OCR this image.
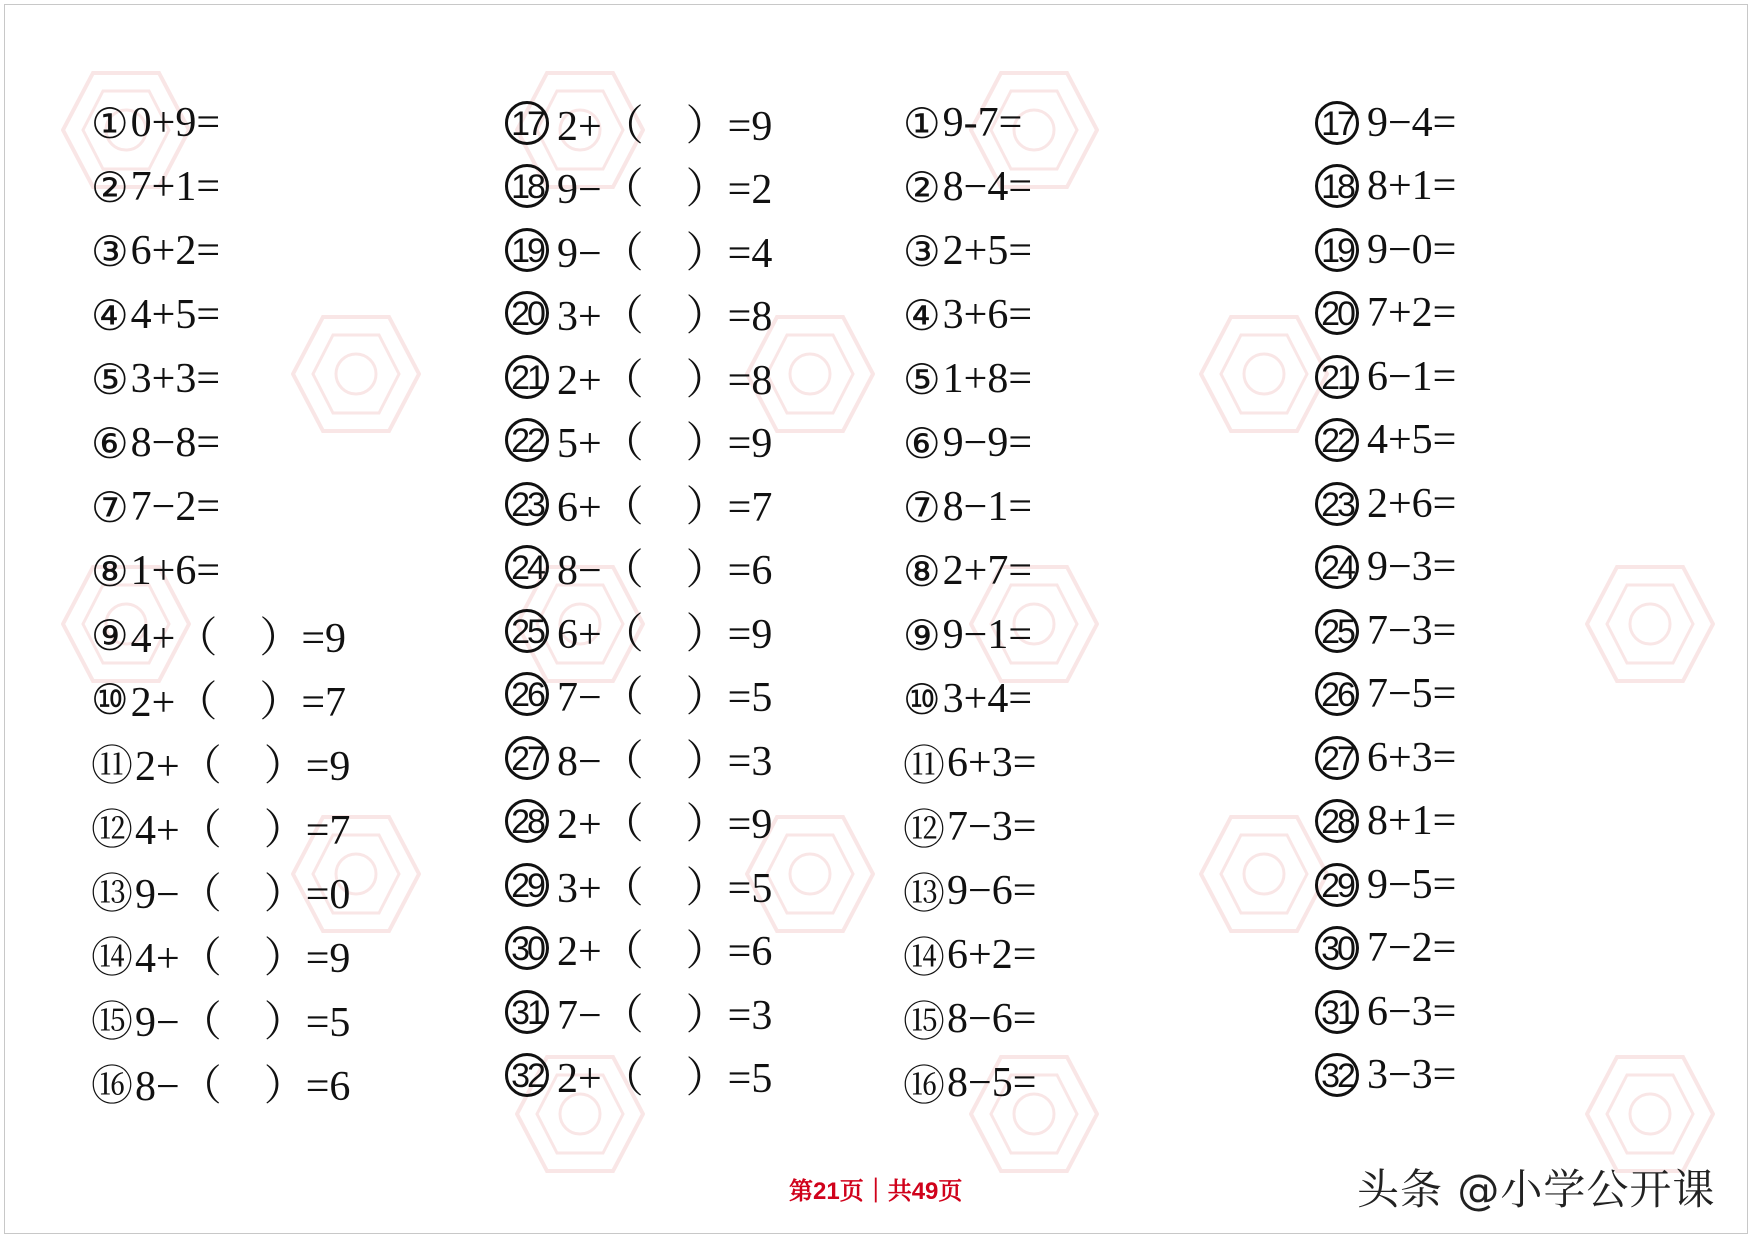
① 0+9=
② 7+1=
③ 6+2=
④ 4+5=
⑤ 3+3=
⑥ 8−8=
⑦ 7−2=
⑧ 1+6=
⑨ 4+（    ）=9
⑩ 2+（    ）=7
⑪ 2+（    ）=9
⑫ 4+（    ）=7
⑬ 9−（    ）=0
⑭ 4+（    ）=9
⑮ 9−（    ）=5
⑯ 8−（    ）=6
17 2+（    ）=9
18 9−（    ）=2
19 9−（    ）=4
20 3+（    ）=8
21 2+（    ）=8
22 5+（    ）=9
23 6+（    ）=7
24 8−（    ）=6
25 6+（    ）=9
26 7−（    ）=5
27 8−（    ）=3
28 2+（    ）=9
29 3+（    ）=5
30 2+（    ）=6
31 7−（    ）=3
32 2+（    ）=5
① 9-7=
② 8−4=
③ 2+5=
④ 3+6=
⑤ 1+8=
⑥ 9−9=
⑦ 8−1=
⑧ 2+7=
⑨ 9−1=
⑩ 3+4=
⑪ 6+3=
⑫ 7−3=
⑬ 9−6=
⑭ 6+2=
⑮ 8−6=
⑯ 8−5=
17 9−4=
18 8+1=
19 9−0=
20 7+2=
21 6−1=
22 4+5=
23 2+6=
24 9−3=
25 7−3=
26 7−5=
27 6+3=
28 8+1=
29 9−5=
30 7−2=
31 6−3=
32 3−3=
第21页｜共49页	头条 @小学公开课
